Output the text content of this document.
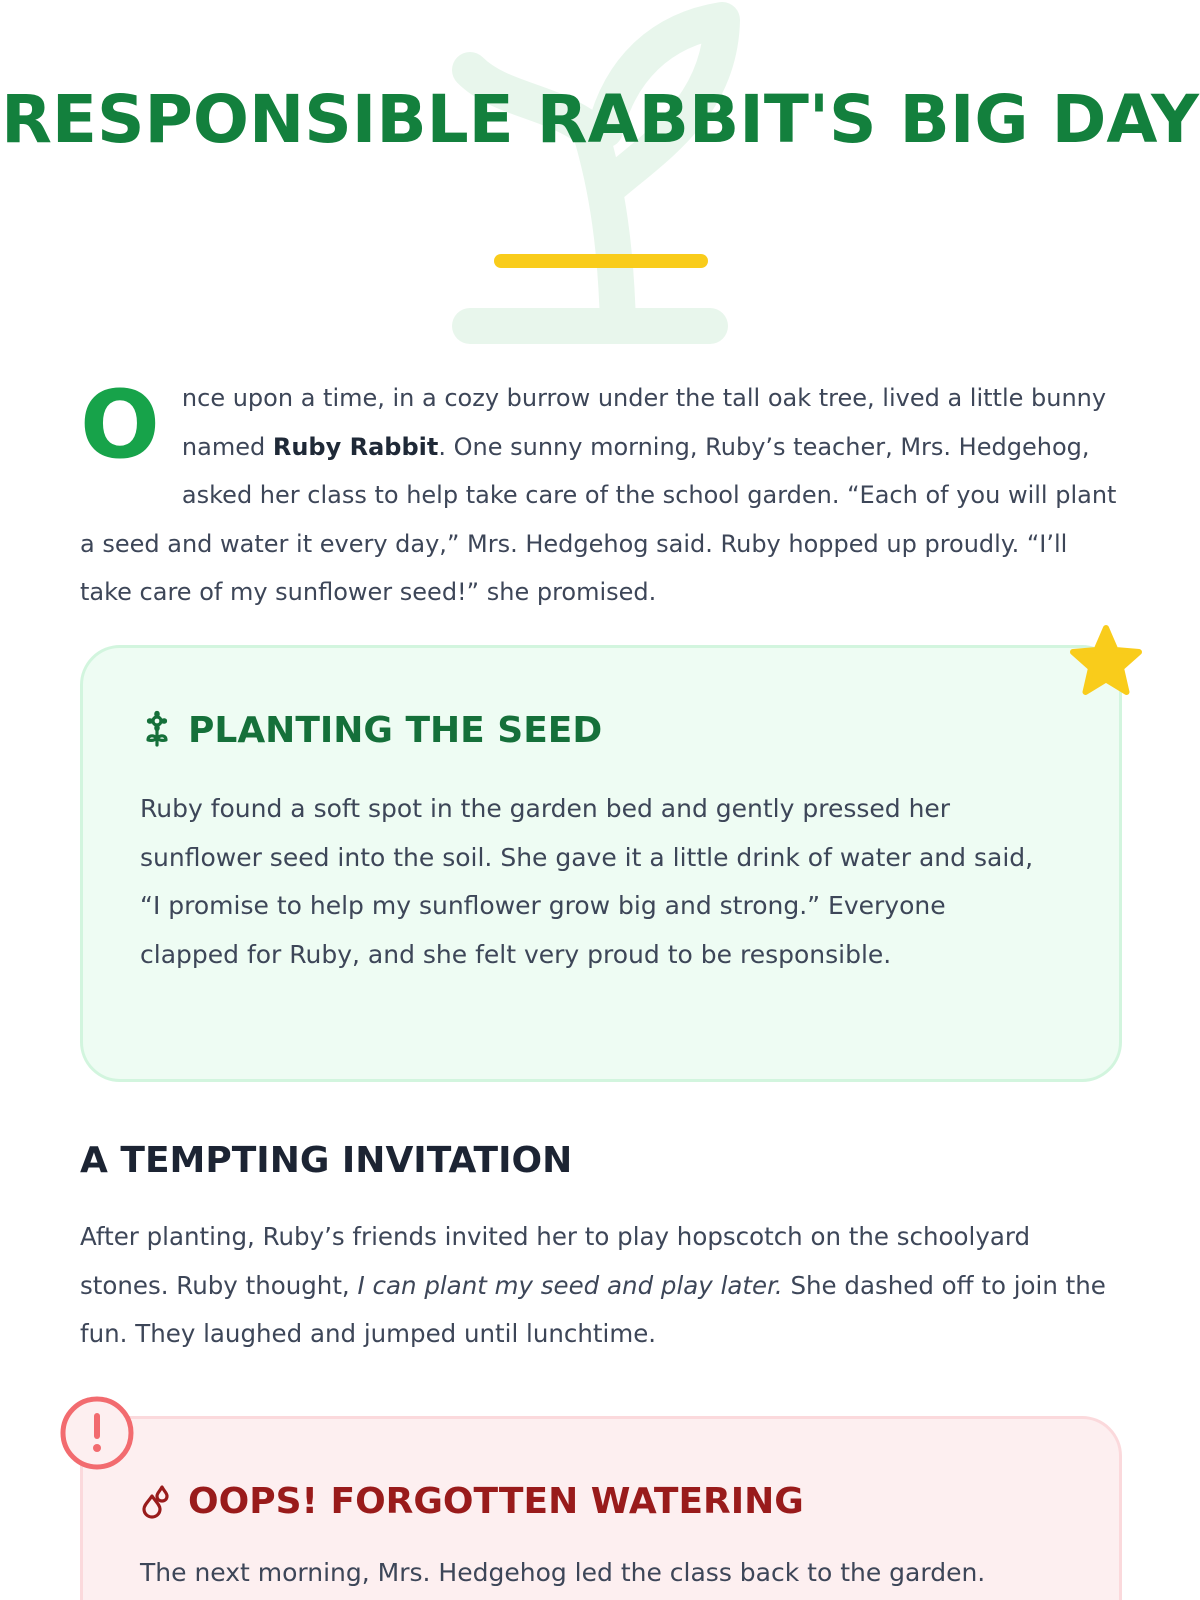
RESPONSIBLE RABBIT'S BIG DAY

Once upon a time, in a cozy burrow under the tall oak tree, lived a little bunny named Ruby Rabbit. One sunny morning, Ruby’s teacher, Mrs. Hedgehog, asked her class to help take care of the school garden. “Each of you will plant a seed and water it every day,” Mrs. Hedgehog said. Ruby hopped up proudly. “I’ll take care of my sunflower seed!” she promised.

PLANTING THE SEED

Ruby found a soft spot in the garden bed and gently pressed her sunflower seed into the soil. She gave it a little drink of water and said, “I promise to help my sunflower grow big and strong.” Everyone clapped for Ruby, and she felt very proud to be responsible.

A TEMPTING INVITATION

After planting, Ruby’s friends invited her to play hopscotch on the schoolyard stones. Ruby thought, I can plant my seed and play later. She dashed off to join the fun. They laughed and jumped until lunchtime.

OOPS! FORGOTTEN WATERING

The next morning, Mrs. Hedgehog led the class back to the garden.
